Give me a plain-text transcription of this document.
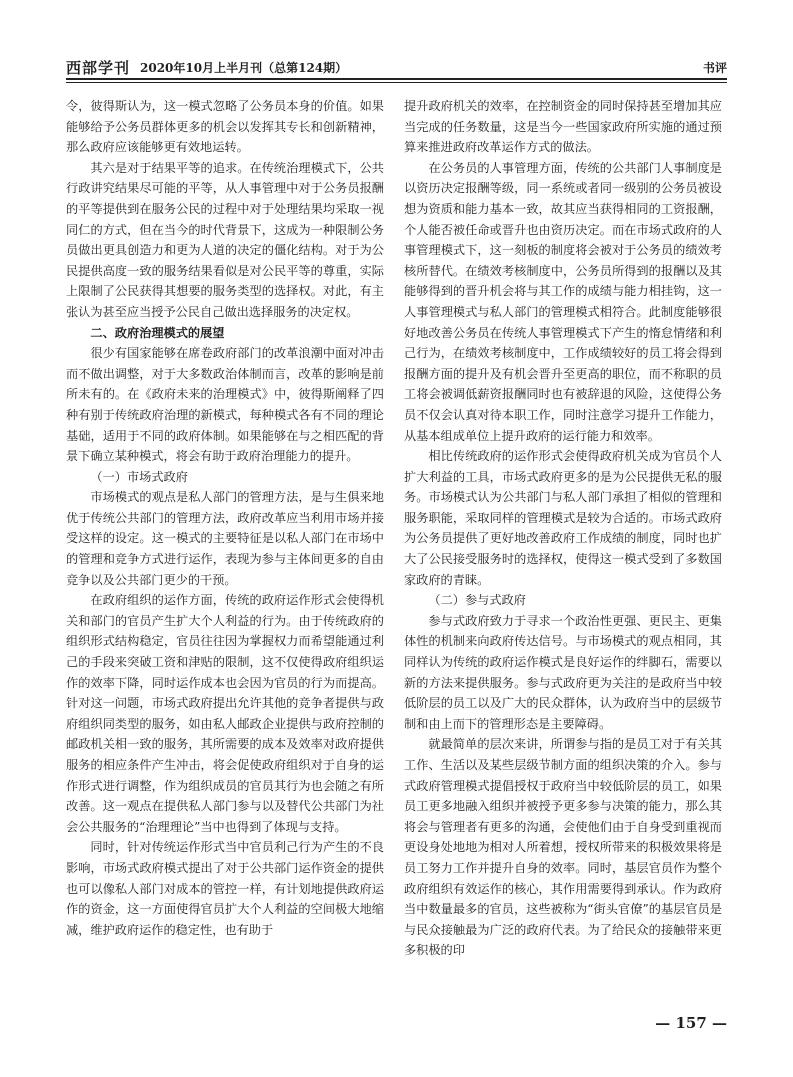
西部学刊 2020年10月上半月刊（总第124期）	书评

令，彼得斯认为，这一模式忽略了公务员本身的价值。如果能够给予公务员群体更多的机会以发挥其专长和创新精神，那么政府应该能够更有效地运转。

其六是对于结果平等的追求。在传统治理模式下，公共行政讲究结果尽可能的平等，从人事管理中对于公务员报酬的平等提供到在服务公民的过程中对于处理结果均采取一视同仁的方式，但在当今的时代背景下，这成为一种限制公务员做出更具创造力和更为人道的决定的僵化结构。对于为公民提供高度一致的服务结果看似是对公民平等的尊重，实际上限制了公民获得其想要的服务类型的选择权。对此，有主张认为甚至应当授予公民自己做出选择服务的决定权。

二、政府治理模式的展望

很少有国家能够在席卷政府部门的改革浪潮中面对冲击而不做出调整，对于大多数政治体制而言，改革的影响是前所未有的。在《政府未来的治理模式》中，彼得斯阐释了四种有别于传统政府治理的新模式，每种模式各有不同的理论基础，适用于不同的政府体制。如果能够在与之相匹配的背景下确立某种模式，将会有助于政府治理能力的提升。

（一）市场式政府

市场模式的观点是私人部门的管理方法，是与生俱来地优于传统公共部门的管理方法，政府改革应当利用市场并接受这样的设定。这一模式的主要特征是以私人部门在市场中的管理和竞争方式进行运作，表现为参与主体间更多的自由竞争以及公共部门更少的干预。

在政府组织的运作方面，传统的政府运作形式会使得机关和部门的官员产生扩大个人利益的行为。由于传统政府的组织形式结构稳定，官员往往因为掌握权力而希望能通过利己的手段来突破工资和津贴的限制，这不仅使得政府组织运作的效率下降，同时运作成本也会因为官员的行为而提高。针对这一问题，市场式政府提出允许其他的竞争者提供与政府组织同类型的服务，如由私人邮政企业提供与政府控制的邮政机关相一致的服务，其所需要的成本及效率对政府提供服务的相应条件产生冲击，将会促使政府组织对于自身的运作形式进行调整，作为组织成员的官员其行为也会随之有所改善。这一观点在提供私人部门参与以及替代公共部门为社会公共服务的“治理理论”当中也得到了体现与支持。

同时，针对传统运作形式当中官员利己行为产生的不良影响，市场式政府模式提出了对于公共部门运作资金的提供也可以像私人部门对成本的管控一样，有计划地提供政府运作的资金，这一方面使得官员扩大个人利益的空间极大地缩减，维护政府运作的稳定性，也有助于

提升政府机关的效率，在控制资金的同时保持甚至增加其应当完成的任务数量，这是当今一些国家政府所实施的通过预算来推进政府改革运作方式的做法。

在公务员的人事管理方面，传统的公共部门人事制度是以资历决定报酬等级，同一系统或者同一级别的公务员被设想为资质和能力基本一致，故其应当获得相同的工资报酬，个人能否被任命或晋升也由资历决定。而在市场式政府的人事管理模式下，这一刻板的制度将会被对于公务员的绩效考核所替代。在绩效考核制度中，公务员所得到的报酬以及其能够得到的晋升机会将与其工作的成绩与能力相挂钩，这一人事管理模式与私人部门的管理模式相符合。此制度能够很好地改善公务员在传统人事管理模式下产生的惰怠情绪和利己行为，在绩效考核制度中，工作成绩较好的员工将会得到报酬方面的提升及有机会晋升至更高的职位，而不称职的员工将会被调低薪资报酬同时也有被辞退的风险，这使得公务员不仅会认真对待本职工作，同时注意学习提升工作能力，从基本组成单位上提升政府的运行能力和效率。

相比传统政府的运作形式会使得政府机关成为官员个人扩大利益的工具，市场式政府更多的是为公民提供无私的服务。市场模式认为公共部门与私人部门承担了相似的管理和服务职能，采取同样的管理模式是较为合适的。市场式政府为公务员提供了更好地改善政府工作成绩的制度，同时也扩大了公民接受服务时的选择权，使得这一模式受到了多数国家政府的青睐。

（二）参与式政府

参与式政府致力于寻求一个政治性更强、更民主、更集体性的机制来向政府传达信号。与市场模式的观点相同，其同样认为传统的政府运作模式是良好运作的绊脚石，需要以新的方法来提供服务。参与式政府更为关注的是政府当中较低阶层的员工以及广大的民众群体，认为政府当中的层级节制和由上而下的管理形态是主要障碍。

就最简单的层次来讲，所谓参与指的是员工对于有关其工作、生活以及某些层级节制方面的组织决策的介入。参与式政府管理模式提倡授权于政府当中较低阶层的员工，如果员工更多地融入组织并被授予更多参与决策的能力，那么其将会与管理者有更多的沟通，会使他们由于自身受到重视而更设身处地地为相对人所着想，授权所带来的积极效果将是员工努力工作并提升自身的效率。同时，基层官员作为整个政府组织有效运作的核心，其作用需要得到承认。作为政府当中数量最多的官员，这些被称为“街头官僚”的基层官员是与民众接触最为广泛的政府代表。为了给民众的接触带来更多积极的印

— 157 —
